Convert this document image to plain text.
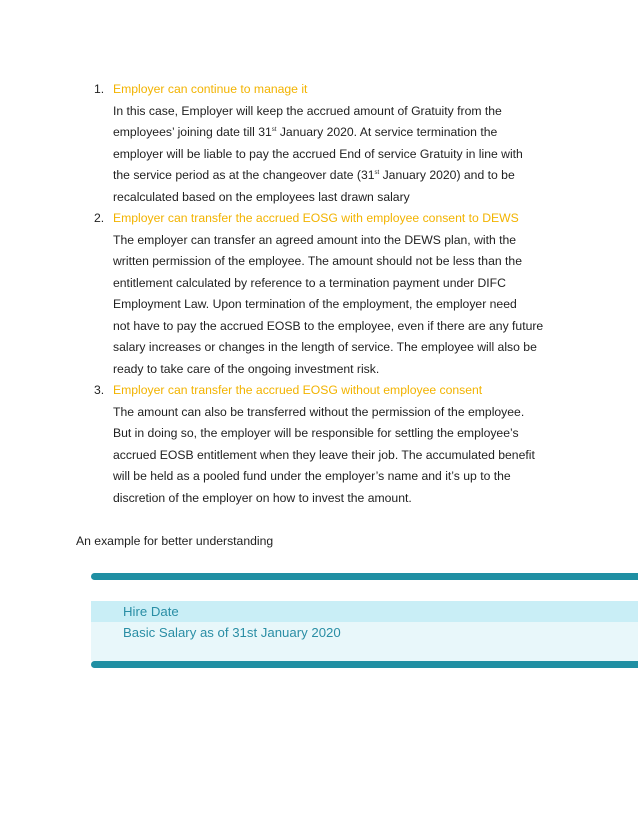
1. Employer can continue to manage it
In this case, Employer will keep the accrued amount of Gratuity from the
employees’ joining date till 31st January 2020. At service termination the
employer will be liable to pay the accrued End of service Gratuity in line with
the service period as at the changeover date (31st January 2020) and to be
recalculated based on the employees last drawn salary
2. Employer can transfer the accrued EOSG with employee consent to DEWS
The employer can transfer an agreed amount into the DEWS plan, with the
written permission of the employee. The amount should not be less than the
entitlement calculated by reference to a termination payment under DIFC
Employment Law. Upon termination of the employment, the employer need
not have to pay the accrued EOSB to the employee, even if there are any future
salary increases or changes in the length of service. The employee will also be
ready to take care of the ongoing investment risk.
3. Employer can transfer the accrued EOSG without employee consent
The amount can also be transferred without the permission of the employee.
But in doing so, the employer will be responsible for settling the employee’s
accrued EOSB entitlement when they leave their job. The accumulated benefit
will be held as a pooled fund under the employer’s name and it’s up to the
discretion of the employer on how to invest the amount.
An example for better understanding
Hire Date
Basic Salary as of 31st January 2020
